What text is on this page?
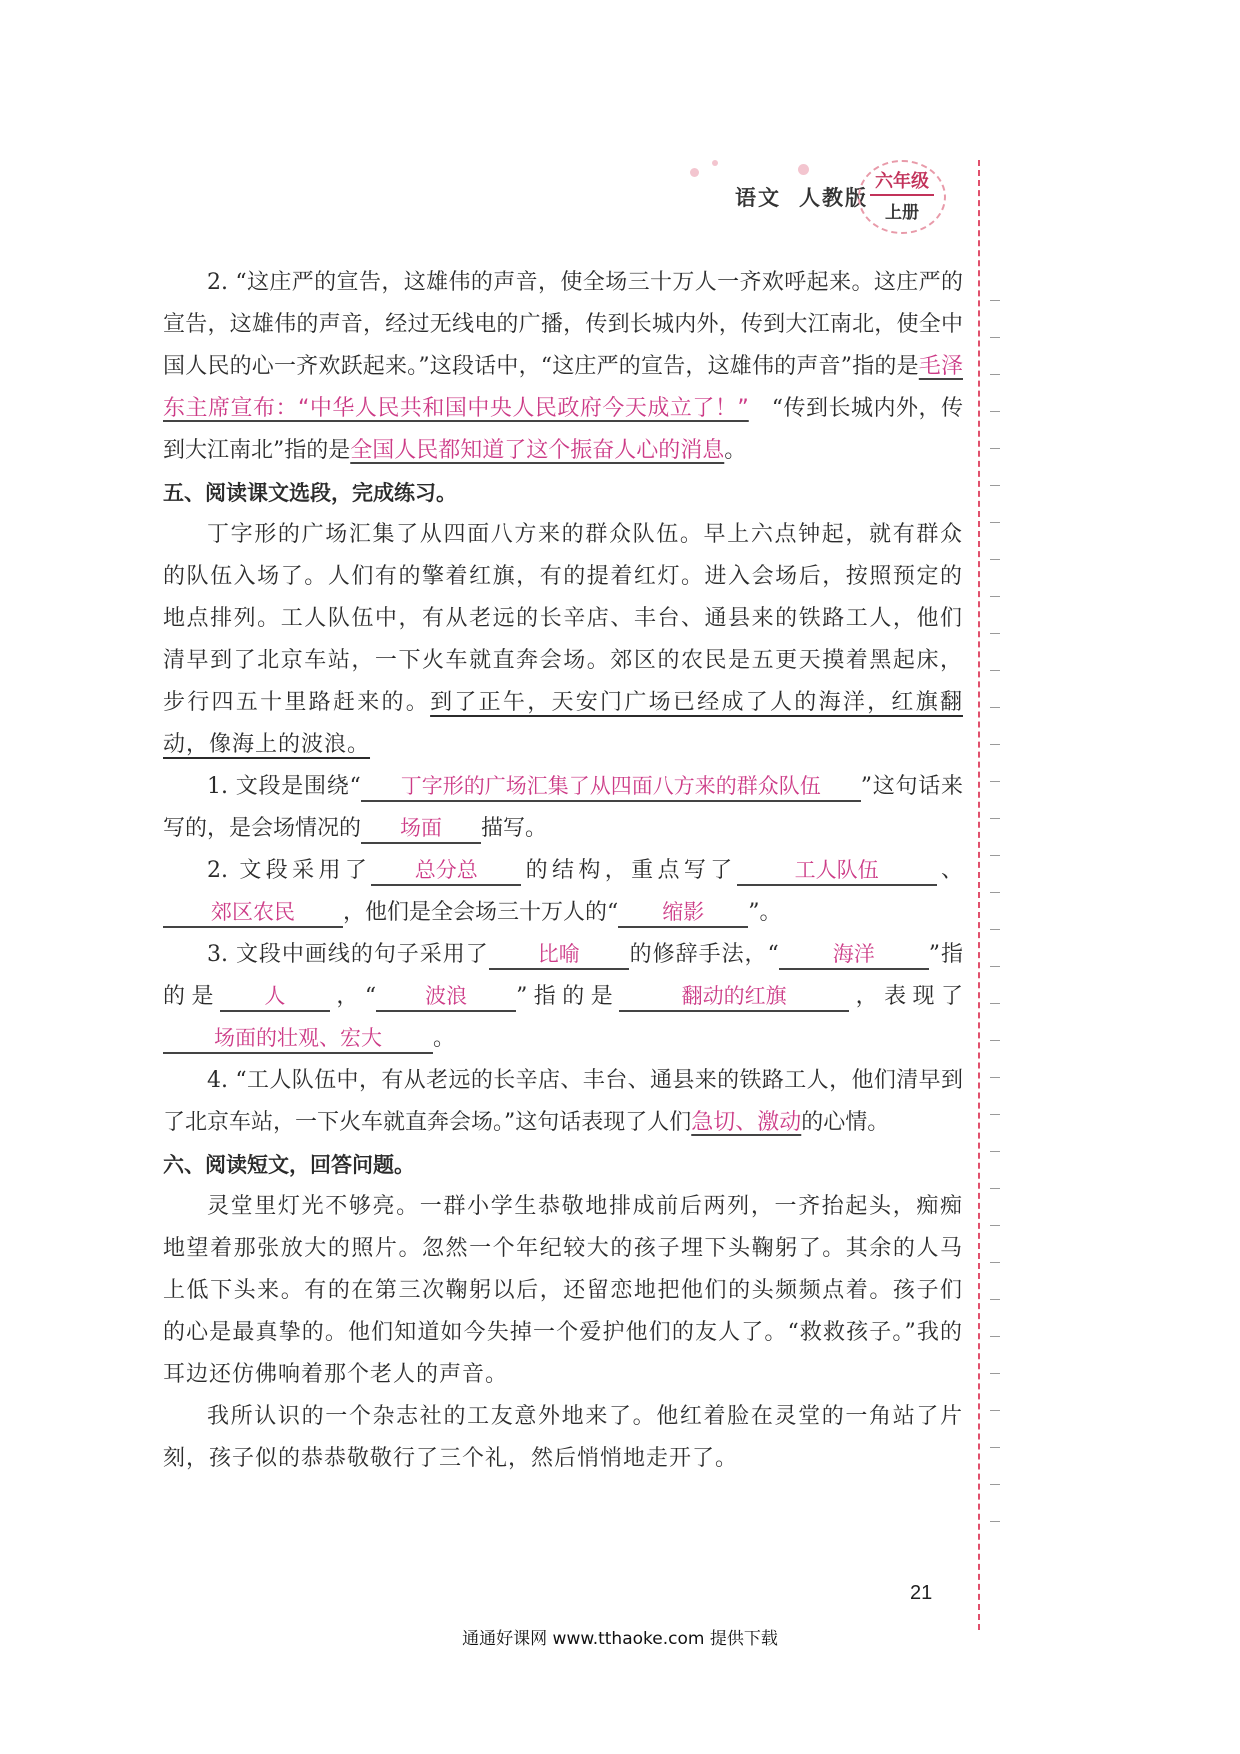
语文 人教版
六年级
上册

2. “这庄严的宣告，这雄伟的声音，使全场三十万人一齐欢呼起来。这庄严的宣告，这雄伟的声音，经过无线电的广播，传到长城内外，传到大江南北，使全中国人民的心一齐欢跃起来。”这段话中，“这庄严的宣告，这雄伟的声音”指的是毛泽东主席宣布：“中华人民共和国中央人民政府今天成立了！”　 “传到长城内外，传到大江南北”指的是全国人民都知道了这个振奋人心的消息。

五、阅读课文选段，完成练习。

丁字形的广场汇集了从四面八方来的群众队伍。早上六点钟起，就有群众的队伍入场了。人们有的擎着红旗，有的提着红灯。进入会场后，按照预定的地点排列。工人队伍中，有从老远的长辛店、丰台、通县来的铁路工人，他们清早到了北京车站，一下火车就直奔会场。郊区的农民是五更天摸着黑起床，步行四五十里路赶来的。到了正午，天安门广场已经成了人的海洋，红旗翻动，像海上的波浪。

1. 文段是围绕“ 丁字形的广场汇集了从四面八方来的群众队伍 ”这句话来写的，是会场情况的 场面 描写。

2. 文段采用了 总分总 的结构，重点写了	工人队伍	、郊区农民 ，他们是全会场三十万人的“ 缩影 ”。

3. 文段中画线的句子采用了 比喻 的修辞手法，“	海洋 ”指的是 人 ，“ 波浪 ”指的是	翻动的红旗	，表现了场面的壮观、宏大 。

4. “工人队伍中，有从老远的长辛店、丰台、通县来的铁路工人，他们清早到了北京车站，一下火车就直奔会场。”这句话表现了人们急切、激动的心情。

六、阅读短文，回答问题。

灵堂里灯光不够亮。一群小学生恭敬地排成前后两列，一齐抬起头，痴痴地望着那张放大的照片。忽然一个年纪较大的孩子埋下头鞠躬了。其余的人马上低下头来。有的在第三次鞠躬以后，还留恋地把他们的头频频点着。孩子们的心是最真挚的。他们知道如今失掉一个爱护他们的友人了。“救救孩子。”我的耳边还仿佛响着那个老人的声音。

我所认识的一个杂志社的工友意外地来了。他红着脸在灵堂的一角站了片刻，孩子似的恭恭敬敬行了三个礼，然后悄悄地走开了。

21
通通好课网 www.tthaoke.com 提供下载
